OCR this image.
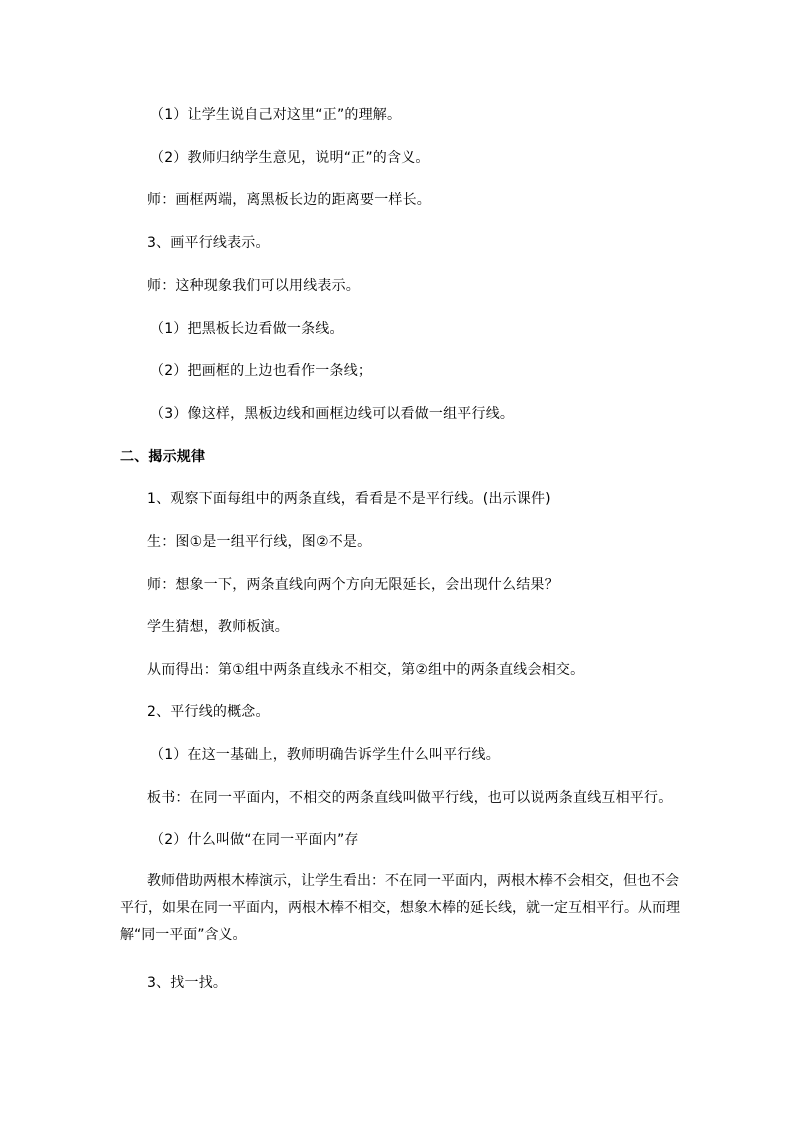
（1）让学生说自己对这里“正”的理解。
（2）教师归纳学生意见，说明“正”的含义。
师：画框两端，离黑板长边的距离要一样长。
3、画平行线表示。
师：这种现象我们可以用线表示。
（1）把黑板长边看做一条线。
（2）把画框的上边也看作一条线；
（3）像这样，黑板边线和画框边线可以看做一组平行线。
二、揭示规律
1、观察下面每组中的两条直线，看看是不是平行线。(出示课件)
生：图①是一组平行线，图②不是。
师：想象一下，两条直线向两个方向无限延长，会出现什么结果？
学生猜想，教师板演。
从而得出：第①组中两条直线永不相交，第②组中的两条直线会相交。
2、平行线的概念。
（1）在这一基础上，教师明确告诉学生什么叫平行线。
板书：在同一平面内，不相交的两条直线叫做平行线，也可以说两条直线互相平行。
（2）什么叫做“在同一平面内”存
教师借助两根木棒演示，让学生看出：不在同一平面内，两根木棒不会相交，但也不会
平行，如果在同一平面内，两根木棒不相交，想象木棒的延长线，就一定互相平行。从而理
解“同一平面”含义。
3、找一找。
